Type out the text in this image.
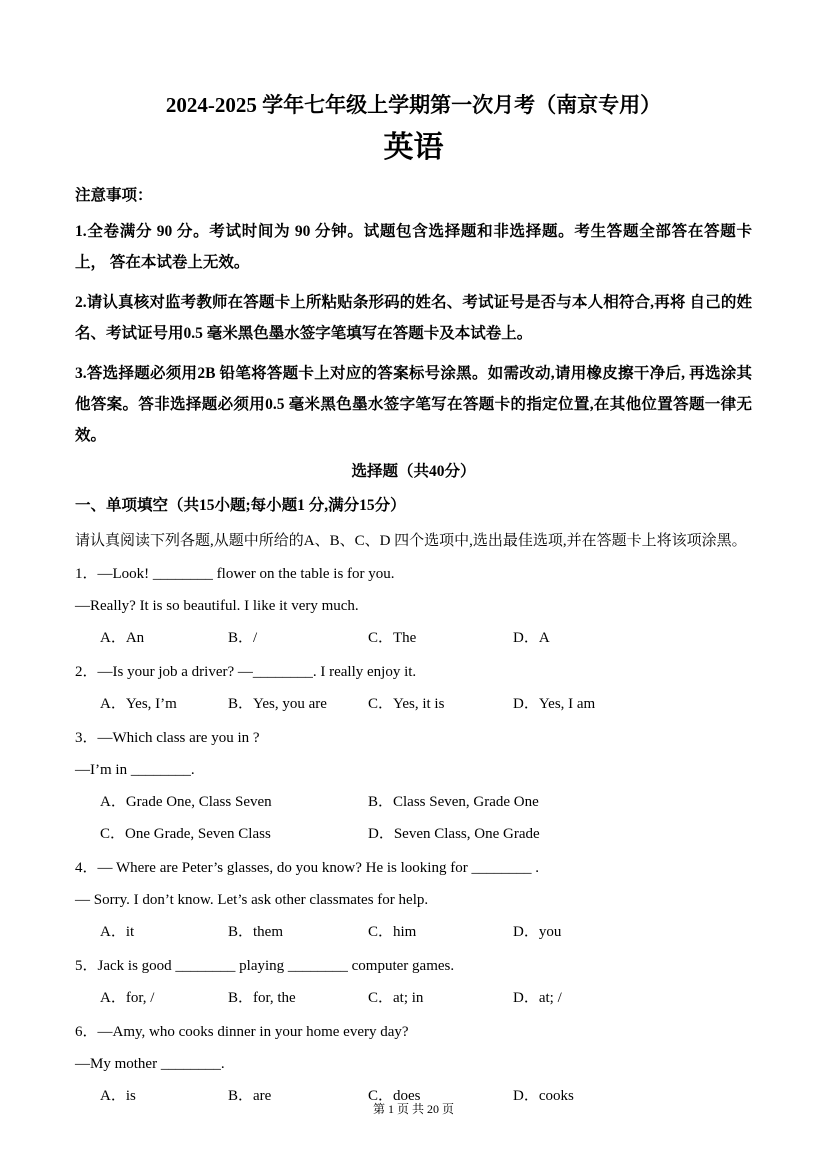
2024-2025 学年七年级上学期第一次月考（南京专用）
英语

注意事项：

1.全卷满分 90 分。考试时间为 90 分钟。试题包含选择题和非选择题。考生答题全部答在答题卡上， 答在本试卷上无效。

2.请认真核对监考教师在答题卡上所粘贴条形码的姓名、考试证号是否与本人相符合,再将 自己的姓名、考试证号用0.5 毫米黑色墨水签字笔填写在答题卡及本试卷上。

3.答选择题必须用2B 铅笔将答题卡上对应的答案标号涂黑。如需改动,请用橡皮擦干净后, 再选涂其他答案。答非选择题必须用0.5 毫米黑色墨水签字笔写在答题卡的指定位置,在其他位置答题一律无效。

选择题（共40分）

一、单项填空（共15小题;每小题1 分,满分15分）

请认真阅读下列各题,从题中所给的A、B、C、D 四个选项中,选出最佳选项,并在答题卡上将该项涂黑。

1．—Look! ________ flower on the table is for you.

—Really? It is so beautiful. I like it very much.

A．An	B．/	C．The	D．A

2．—Is your job a driver? —________. I really enjoy it.

A．Yes, I’m	B．Yes, you are	C．Yes, it is	D．Yes, I am

3．—Which class are you in ?

—I’m in ________.

A．Grade One, Class Seven	B．Class Seven, Grade One
C．One Grade, Seven Class	D．Seven Class, One Grade

4．— Where are Peter’s glasses, do you know? He is looking for ________ .

— Sorry. I don’t know. Let’s ask other classmates for help.

A．it	B．them	C．him	D．you

5．Jack is good ________ playing ________ computer games.

A．for, /	B．for, the	C．at; in	D．at; /

6．—Amy, who cooks dinner in your home every day?

—My mother ________.

A．is	B．are	C．does	D．cooks

第 1 页 共 20 页
